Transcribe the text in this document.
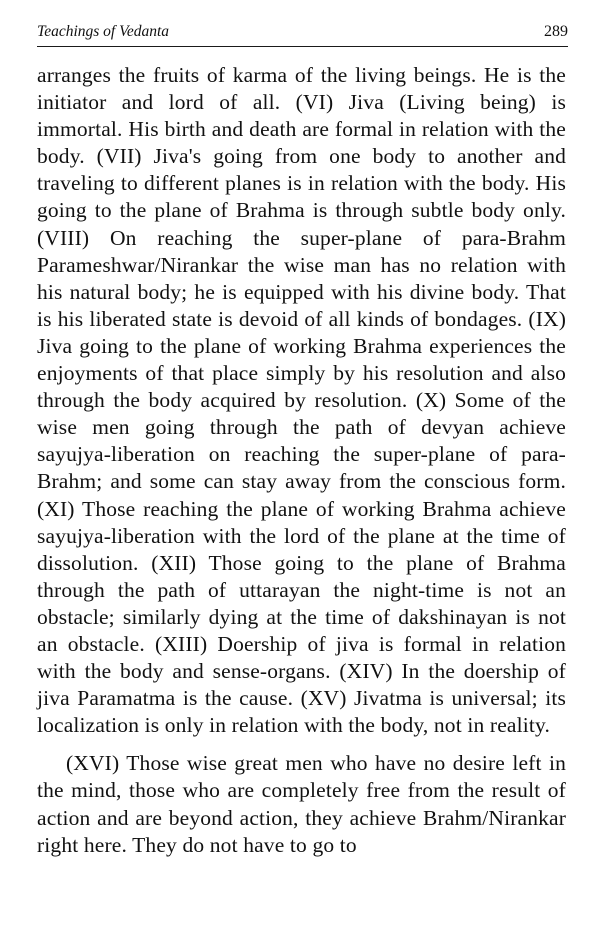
Teachings of Vedanta	289

arranges the fruits of karma of the living beings. He is the initiator and lord of all. (VI) Jiva (Living being) is immortal. His birth and death are formal in relation with the body. (VII) Jiva's going from one body to another and traveling to different planes is in relation with the body. His going to the plane of Brahma is through subtle body only. (VIII) On reaching the super-plane of para-Brahm Parameshwar/Nirankar the wise man has no relation with his natural body; he is equipped with his divine body. That is his liberated state is devoid of all kinds of bondages. (IX) Jiva going to the plane of working Brahma experiences the enjoyments of that place simply by his resolution and also through the body acquired by resolution. (X) Some of the wise men going through the path of devyan achieve sayujya-liberation on reaching the super-plane of para-Brahm; and some can stay away from the conscious form. (XI) Those reaching the plane of working Brahma achieve sayujya-liberation with the lord of the plane at the time of dissolution. (XII) Those going to the plane of Brahma through the path of uttarayan the night-time is not an obstacle; similarly dying at the time of dakshinayan is not an obstacle. (XIII) Doership of jiva is formal in relation with the body and sense-organs. (XIV) In the doership of jiva Paramatma is the cause. (XV) Jivatma is universal; its localization is only in relation with the body, not in reality.

(XVI) Those wise great men who have no desire left in the mind, those who are completely free from the result of action and are beyond action, they achieve Brahm/Nirankar right here. They do not have to go to
